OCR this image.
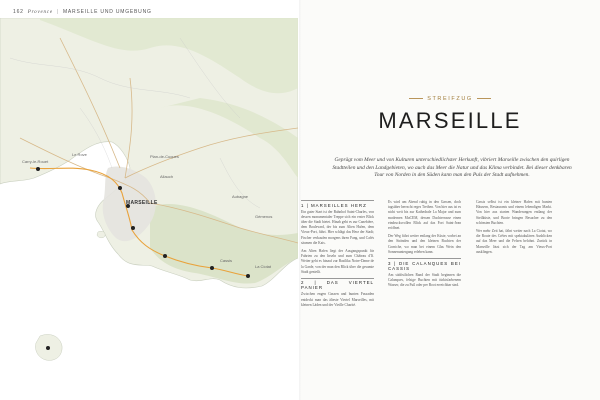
162 Provence | MARSEILLE UND UMGEBUNG
MARSEILLE
Allauch
Aubagne
Cassis
La Ciotat
Carry-le-Rouet
Le Rove	Plan-de-Cuques
Gémenos
STREIFZUG
MARSEILLE
Geprägt vom Meer und von Kulturen unterschiedlichster Herkunft, vibriert Marseille zwischen den quirligen Stadtteilen und den Landgebieten, wo auch das Meer die Natur und das Klima verbindet. Bei dieser denkbaren Tour von Norden in den Süden kann man den Puls der Stadt aufnehmen.
1 | MARSEILLES HERZ

Ein guter Start ist der Bahnhof Saint-Charles, von dessen monumentaler Treppe sich ein erster Blick über die Stadt bietet. Hinab geht es zur Canebière, dem Boulevard, der bis zum Alten Hafen, dem Vieux-Port, führt. Hier schlägt das Herz der Stadt; Fischer verkaufen morgens ihren Fang, und Cafés säumen die Kais.

Am Alten Hafen liegt der Ausgangspunkt für Fahrten zu den Inseln und zum Château d'If. Weiter geht es hinauf zur Basilika Notre-Dame de la Garde, von der man den Blick über die gesamte Stadt genießt.

2 | DAS VIERTEL PANIER

Zwischen engen Gassen und bunten Fassaden entdeckt man das älteste Viertel Marseilles, mit kleinen Läden und der Vieille Charité.

Es wird am Abend ruhig in den Gassen, doch tagsüber herrscht reges Treiben. Von hier aus ist es nicht weit bis zur Kathedrale La Major und zum modernen MuCEM, dessen Dachterrasse einen eindrucksvollen Blick auf das Fort Saint-Jean eröffnet.

Der Weg führt weiter entlang der Küste, vorbei an den Stränden und den kleinen Buchten der Corniche, wo man bei einem Glas Wein den Sonnenuntergang erleben kann.

3 | DIE CALANQUES BEI CASSIS

Am südöstlichen Rand der Stadt beginnen die Calanques, felsige Buchten mit türkisfarbenem Wasser, die zu Fuß oder per Boot erreichbar sind.

Cassis selbst ist ein kleiner Hafen mit bunten Häusern, Restaurants und einem lebendigen Markt. Von hier aus starten Wanderungen entlang der Steilküste, und Boote bringen Besucher zu den schönsten Buchten.

Wer mehr Zeit hat, fährt weiter nach La Ciotat, wo die Route des Crêtes mit spektakulären Ausblicken auf das Meer und die Felsen belohnt. Zurück in Marseille lässt sich der Tag am Vieux-Port ausklingen.
